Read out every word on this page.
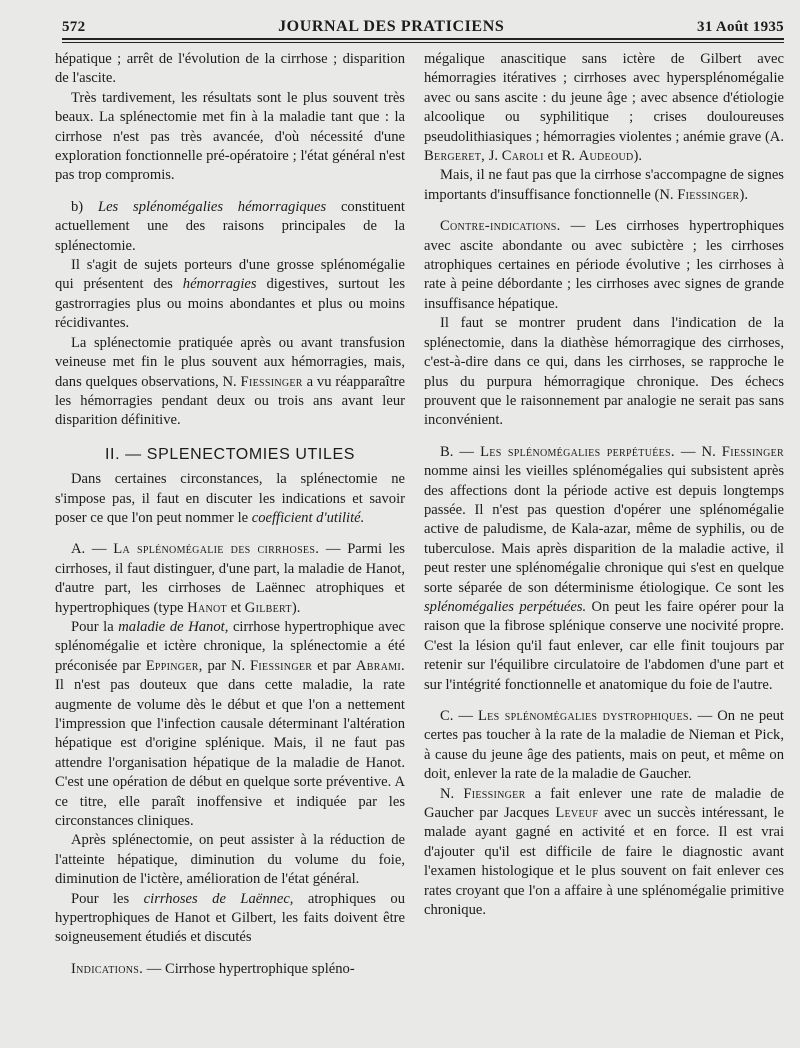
572	JOURNAL DES PRATICIENS	31 Août 1935

hépatique ; arrêt de l'évolution de la cirrhose ; disparition de l'ascite.

Très tardivement, les résultats sont le plus souvent très beaux. La splénectomie met fin à la maladie tant que : la cirrhose n'est pas très avancée, d'où nécessité d'une exploration fonctionnelle pré-opératoire ; l'état général n'est pas trop compromis.

b) Les splénomégalies hémorragiques constituent actuellement une des raisons principales de la splénectomie.

Il s'agit de sujets porteurs d'une grosse splénomégalie qui présentent des hémorragies digestives, surtout les gastrorragies plus ou moins abondantes et plus ou moins récidivantes.

La splénectomie pratiquée après ou avant transfusion veineuse met fin le plus souvent aux hémorragies, mais, dans quelques observations, N. Fiessinger a vu réapparaître les hémorragies pendant deux ou trois ans avant leur disparition définitive.

II. — SPLENECTOMIES UTILES

Dans certaines circonstances, la splénectomie ne s'impose pas, il faut en discuter les indications et savoir poser ce que l'on peut nommer le coefficient d'utilité.

A. — La splénomégalie des cirrhoses. — Parmi les cirrhoses, il faut distinguer, d'une part, la maladie de Hanot, d'autre part, les cirrhoses de Laënnec atrophiques et hypertrophiques (type Hanot et Gilbert).

Pour la maladie de Hanot, cirrhose hypertrophique avec splénomégalie et ictère chronique, la splénectomie a été préconisée par Eppinger, par N. Fiessinger et par Abrami. Il n'est pas douteux que dans cette maladie, la rate augmente de volume dès le début et que l'on a nettement l'impression que l'infection causale déterminant l'altération hépatique est d'origine splénique. Mais, il ne faut pas attendre l'organisation hépatique de la maladie de Hanot. C'est une opération de début en quelque sorte préventive. A ce titre, elle paraît inoffensive et indiquée par les circonstances cliniques.

Après splénectomie, on peut assister à la réduction de l'atteinte hépatique, diminution du volume du foie, diminution de l'ictère, amélioration de l'état général.

Pour les cirrhoses de Laënnec, atrophiques ou hypertrophiques de Hanot et Gilbert, les faits doivent être soigneusement étudiés et discutés

Indications. — Cirrhose hypertrophique spléno-

mégalique anascitique sans ictère de Gilbert avec hémorragies itératives ; cirrhoses avec hypersplénomégalie avec ou sans ascite : du jeune âge ; avec absence d'étiologie alcoolique ou syphilitique ; crises douloureuses pseudolithiasiques ; hémorragies violentes ; anémie grave (A. Bergeret, J. Caroli et R. Audeoud).

Mais, il ne faut pas que la cirrhose s'accompagne de signes importants d'insuffisance fonctionnelle (N. Fiessinger).

Contre-indications. — Les cirrhoses hypertrophiques avec ascite abondante ou avec subictère ; les cirrhoses atrophiques certaines en période évolutive ; les cirrhoses à rate à peine débordante ; les cirrhoses avec signes de grande insuffisance hépatique.

Il faut se montrer prudent dans l'indication de la splénectomie, dans la diathèse hémorragique des cirrhoses, c'est-à-dire dans ce qui, dans les cirrhoses, se rapproche le plus du purpura hémorragique chronique. Des échecs prouvent que le raisonnement par analogie ne serait pas sans inconvénient.

B. — Les splénomégalies perpétuées. — N. Fiessinger nomme ainsi les vieilles splénomégalies qui subsistent après des affections dont la période active est depuis longtemps passée. Il n'est pas question d'opérer une splénomégalie active de paludisme, de Kala-azar, même de syphilis, ou de tuberculose. Mais après disparition de la maladie active, il peut rester une splénomégalie chronique qui s'est en quelque sorte séparée de son déterminisme étiologique. Ce sont les splénomégalies perpétuées. On peut les faire opérer pour la raison que la fibrose splénique conserve une nocivité propre. C'est la lésion qu'il faut enlever, car elle finit toujours par retenir sur l'équilibre circulatoire de l'abdomen d'une part et sur l'intégrité fonctionnelle et anatomique du foie de l'autre.

C. — Les splénomégalies dystrophiques. — On ne peut certes pas toucher à la rate de la maladie de Nieman et Pick, à cause du jeune âge des patients, mais on peut, et même on doit, enlever la rate de la maladie de Gaucher.

N. Fiessinger a fait enlever une rate de maladie de Gaucher par Jacques Leveuf avec un succès intéressant, le malade ayant gagné en activité et en force. Il est vrai d'ajouter qu'il est difficile de faire le diagnostic avant l'examen histologique et le plus souvent on fait enlever ces rates croyant que l'on a affaire à une splénomégalie primitive chronique.
